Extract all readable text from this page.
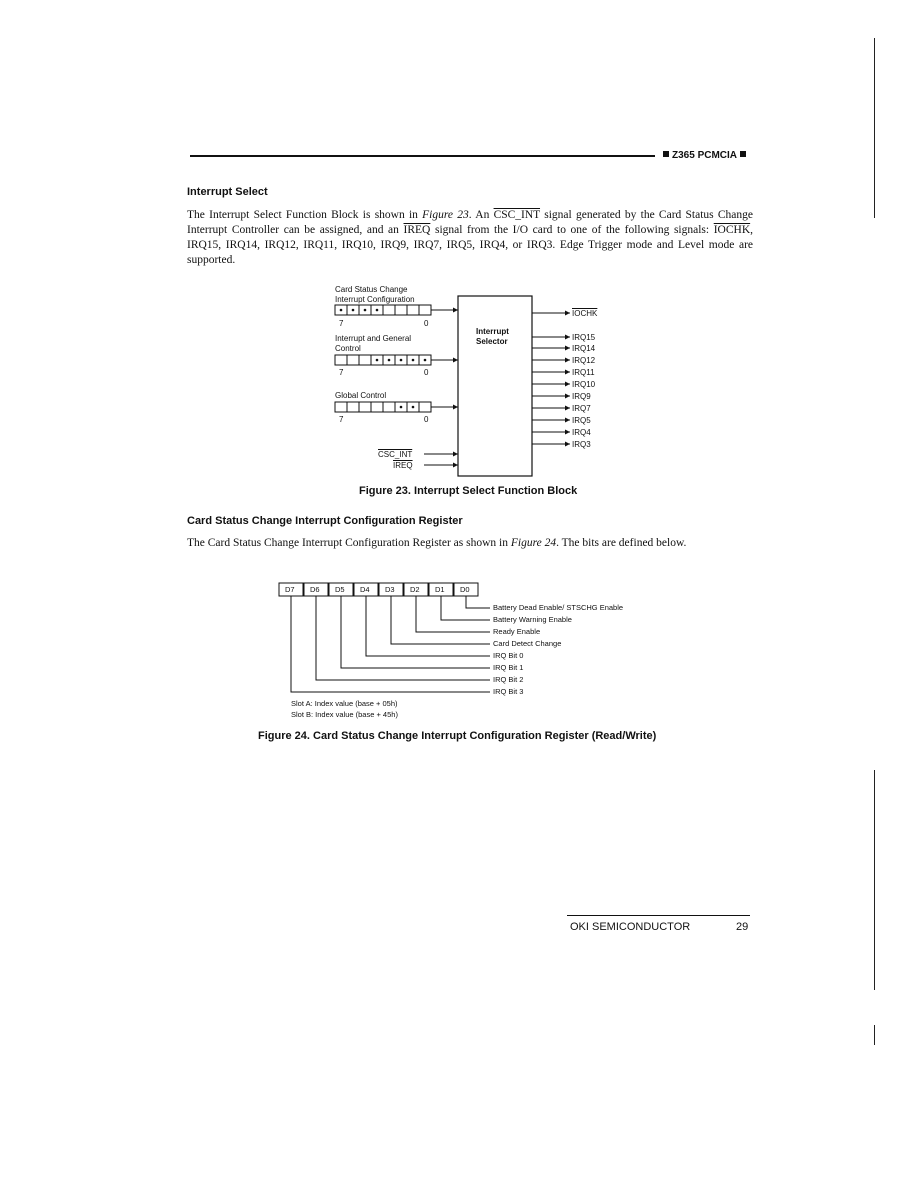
Z365 PCMCIA
Interrupt Select
The Interrupt Select Function Block is shown in Figure 23. An CSC_INT signal generated by the Card Status Change Interrupt Controller can be assigned, and an IREQ signal from the I/O card to one of the following signals: IOCHK, IRQ15, IRQ14, IRQ12, IRQ11, IRQ10, IRQ9, IRQ7, IRQ5, IRQ4, or IRQ3. Edge Trigger mode and Level mode are supported.
Card Status Change
Interrupt Configuration
7	0
Interrupt and General
Control
7	0
Global Control
7	0
Interrupt
Selector
CSC_INT
IREQ
IOCHK
IRQ15
IRQ14
IRQ12
IRQ11
IRQ10
IRQ9
IRQ7
IRQ5
IRQ4
IRQ3
Figure 23. Interrupt Select Function Block
Card Status Change Interrupt Configuration Register
The Card Status Change Interrupt Configuration Register as shown in Figure 24. The bits are defined below.
D7 D6 D5 D4 D3 D2 D1 D0
Battery Dead Enable/ STSCHG Enable
Battery Warning Enable
Ready Enable
Card Detect Change
IRQ Bit 0
IRQ Bit 1
IRQ Bit 2
IRQ Bit 3
Slot A: Index value (base + 05h)
Slot B: Index value (base + 45h)
Figure 24. Card Status Change Interrupt Configuration Register (Read/Write)
OKI SEMICONDUCTOR	29
